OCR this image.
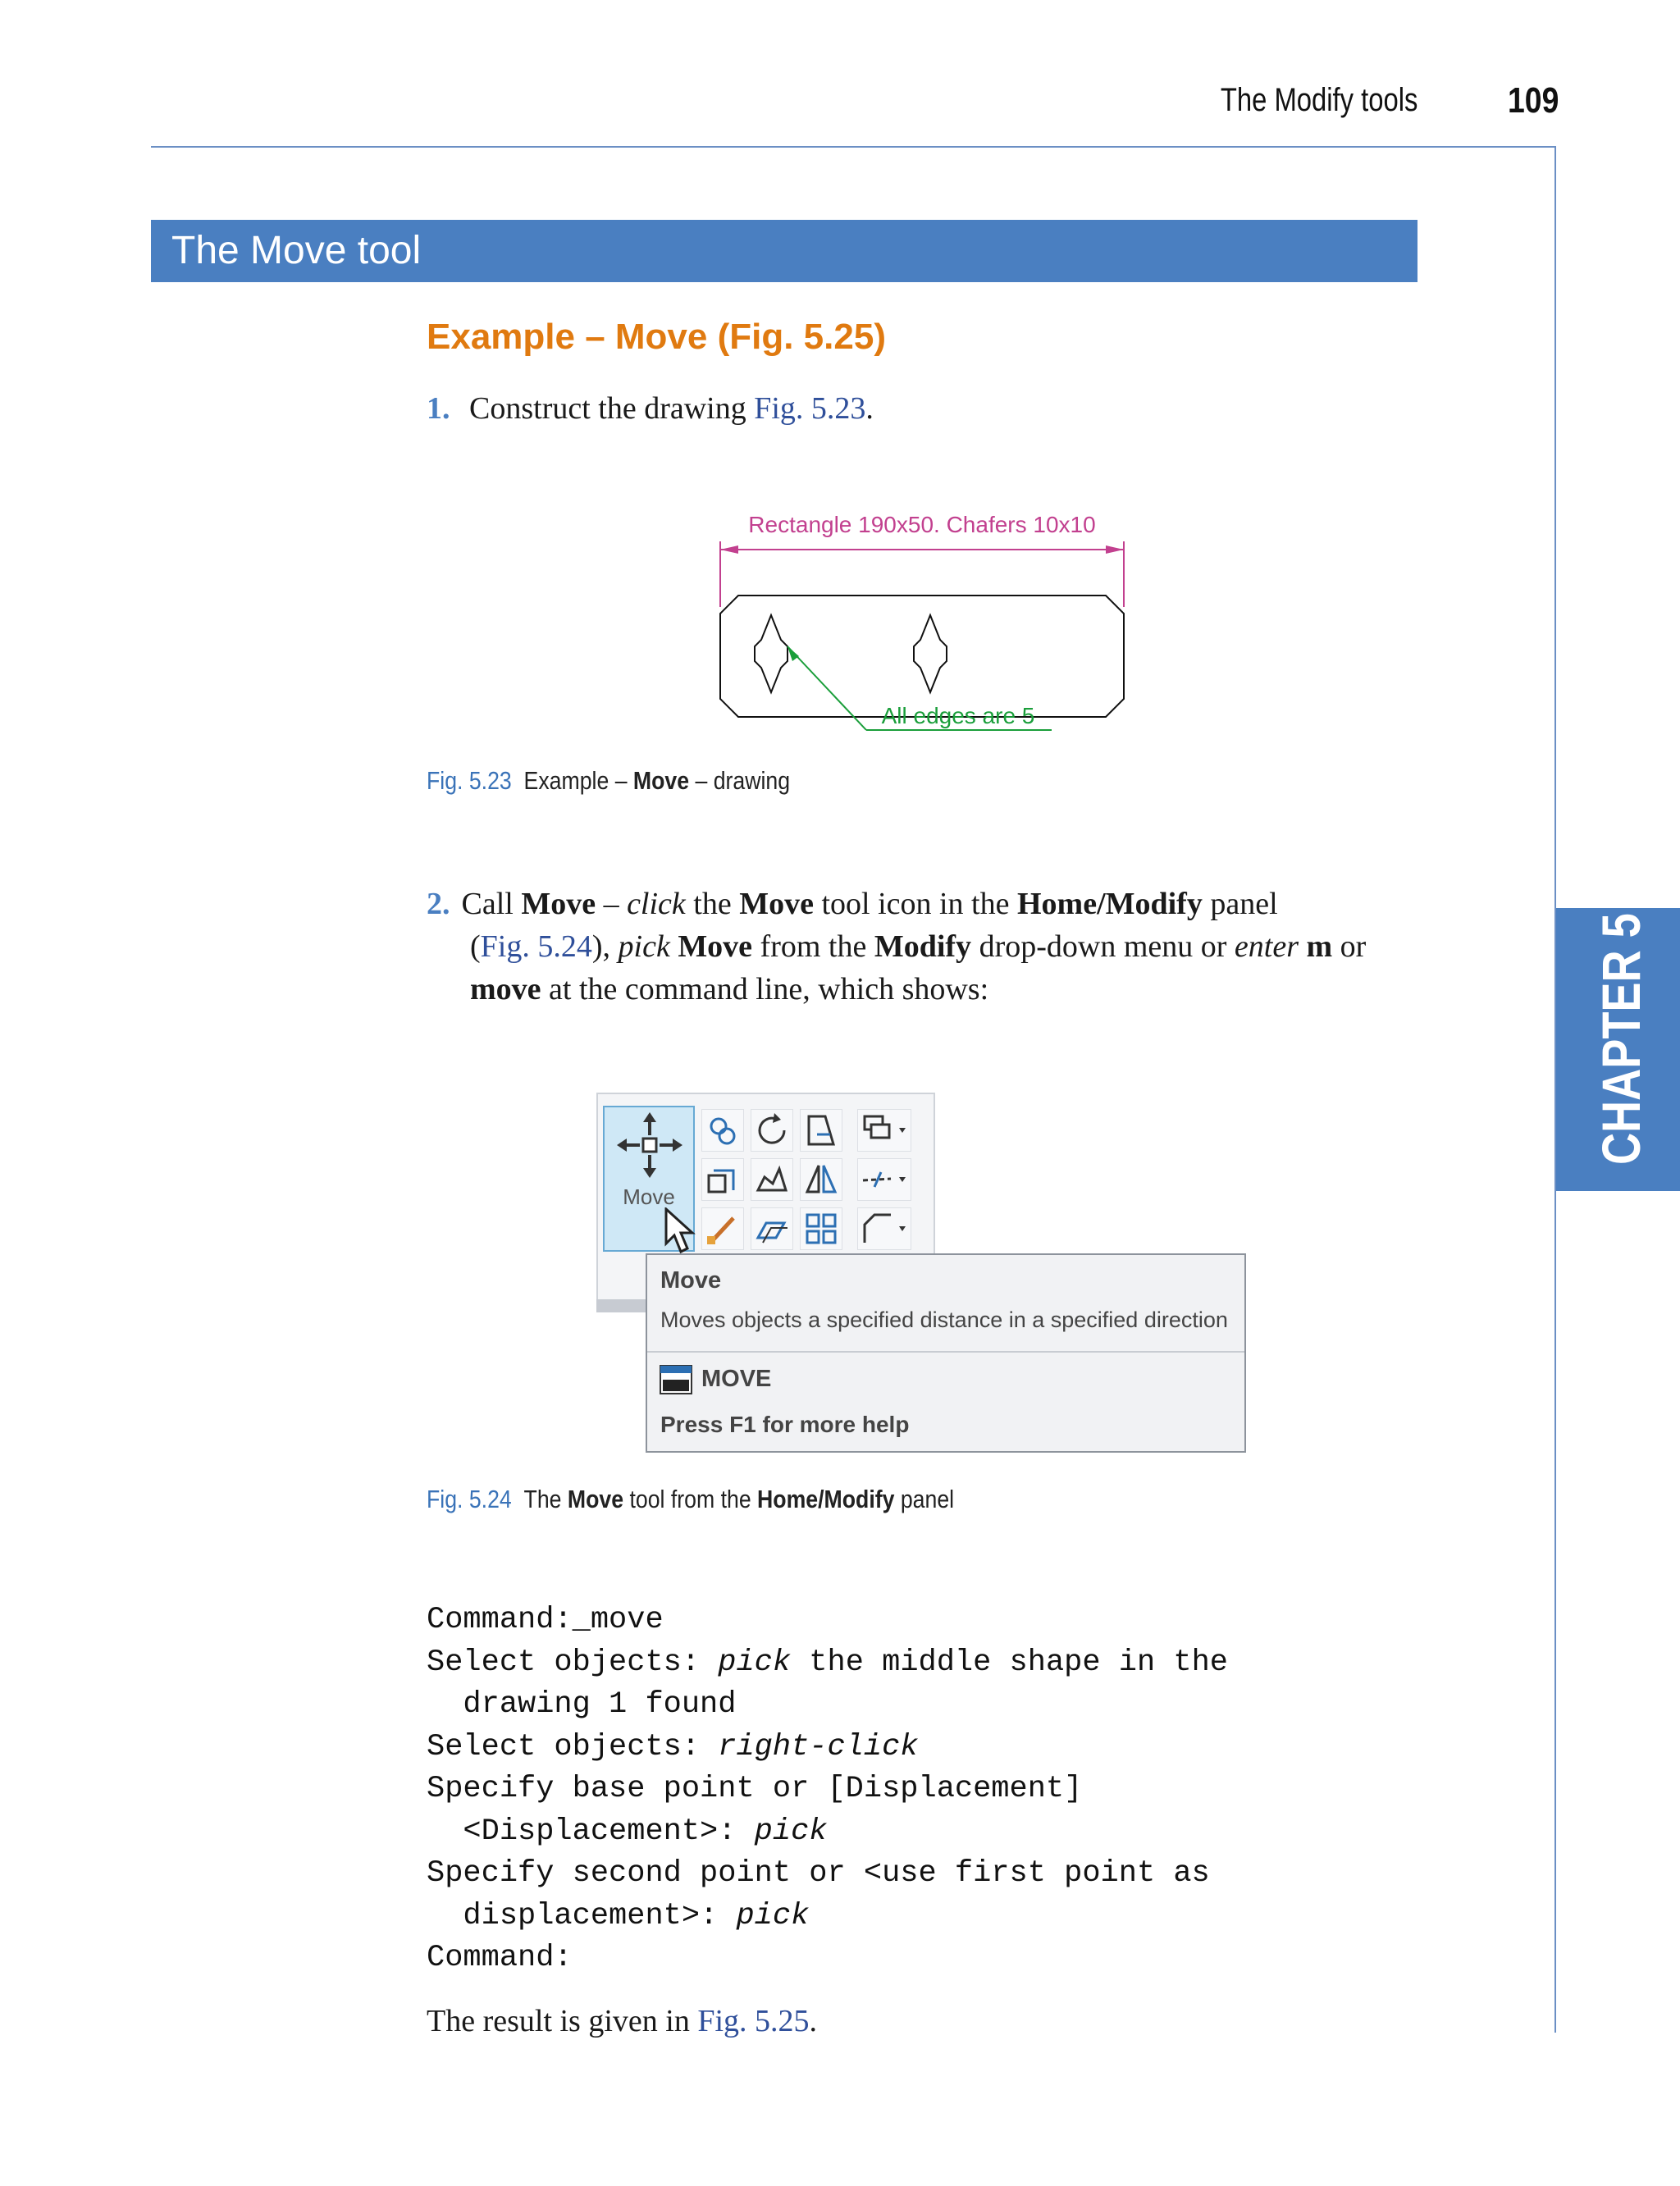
The Modify tools	109
The Move tool
CHAPTER 5
Example – Move (Fig. 5.25)
1. Construct the drawing Fig. 5.23.
Rectangle 190x50. Chafers 10x10
All edges are 5
Fig. 5.23 Example – Move – drawing
2. Call Move – click the Move tool icon in the Home/Modify panel
(Fig. 5.24), pick Move from the Modify drop-down menu or enter m or
move at the command line, which shows:
Move
Move
Moves objects a specified distance in a specified direction
MOVE
Press F1 for more help
Fig. 5.24 The Move tool from the Home/Modify panel
Command:_move
Select objects: pick the middle shape in the
drawing 1 found
Select objects: right-click
Specify base point or [Displacement]
<Displacement>: pick
Specify second point or <use first point as
displacement>: pick
Command:
The result is given in Fig. 5.25.
